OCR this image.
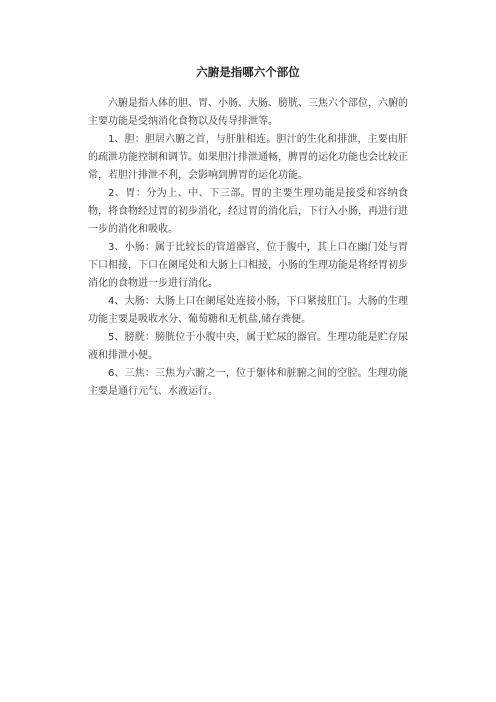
六腑是指哪六个部位

六腑是指人体的胆、胃、小肠、大肠、膀胱、三焦六个部位，六腑的主要功能是受纳消化食物以及传导排泄等。

1、胆：胆居六腑之首，与肝脏相连。胆汁的生化和排泄，主要由肝的疏泄功能控制和调节。如果胆汁排泄通畅，脾胃的运化功能也会比较正常，若胆汁排泄不利，会影响到脾胃的运化功能。

2、胃：分为上、中、下三部。胃的主要生理功能是接受和容纳食物，将食物经过胃的初步消化，经过胃的消化后，下行入小肠，再进行进一步的消化和吸收。

3、小肠：属于比较长的管道器官，位于腹中，其上口在幽门处与胃下口相接，下口在阑尾处和大肠上口相接，小肠的生理功能是将经胃初步消化的食物进一步进行消化。

4、大肠：大肠上口在阑尾处连接小肠，下口紧接肛门。大肠的生理功能主要是吸收水分、葡萄糖和无机盐,储存粪便。

5、膀胱：膀胱位于小腹中央，属于贮尿的器官。生理功能是贮存尿液和排泄小便。

6、三焦：三焦为六腑之一，位于躯体和脏腑之间的空腔。生理功能主要是通行元气、水液运行。
